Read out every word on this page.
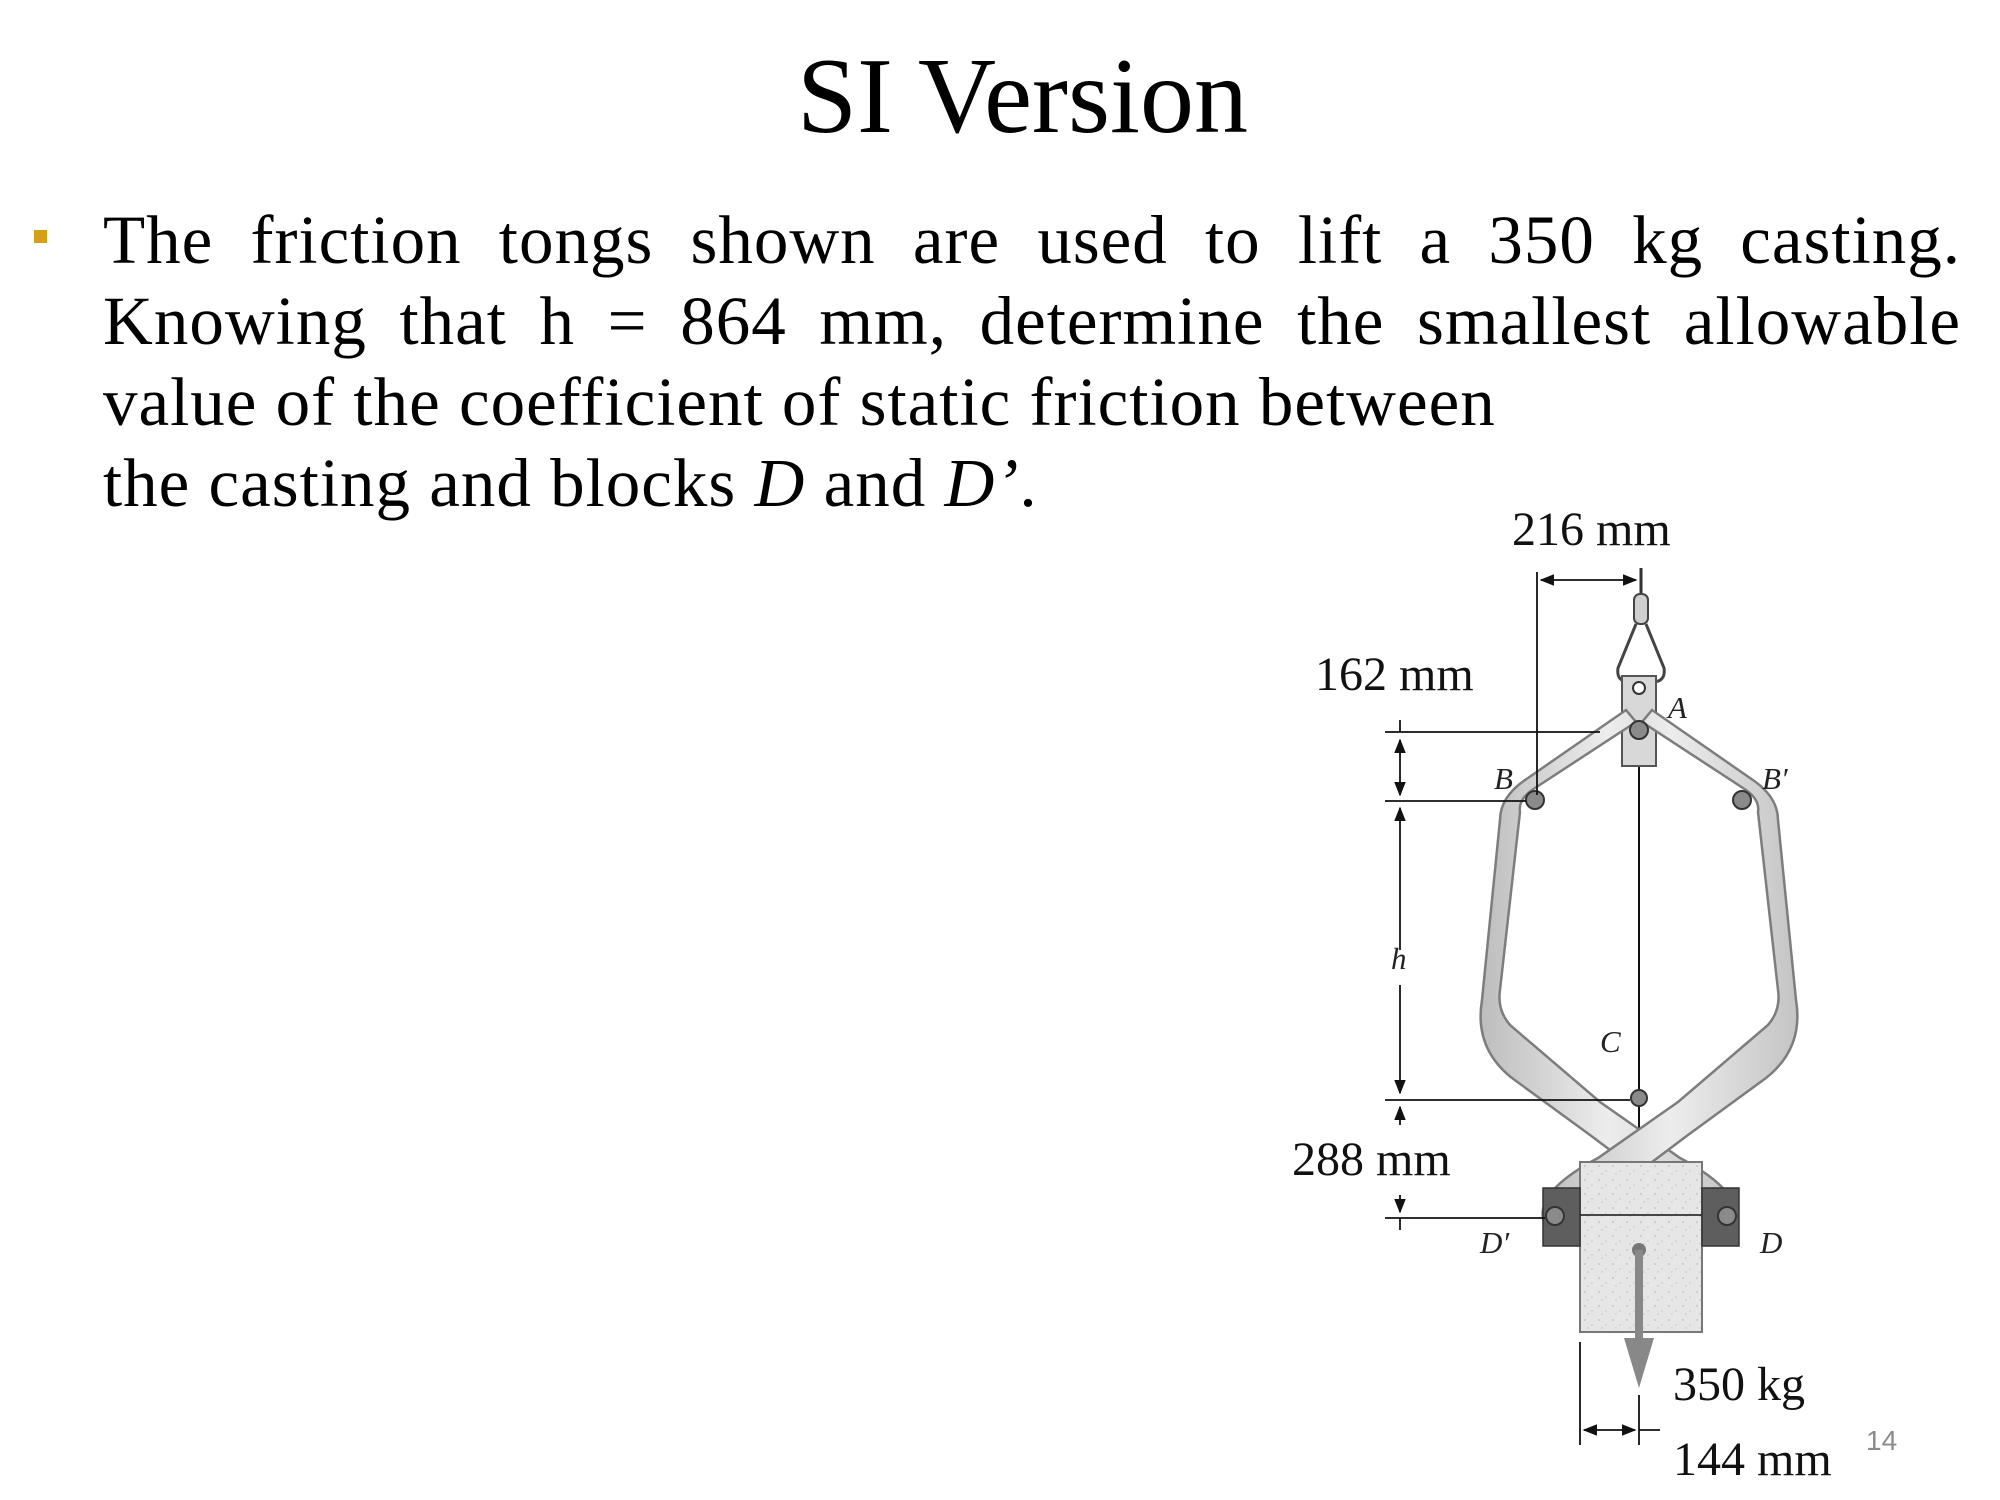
SI Version

The friction tongs shown are used to lift a 350 kg casting. Knowing that h = 864 mm, determine the smallest allowable value of the coefficient of static friction between
the casting and blocks D and D’.

216 mm
162 mm
288 mm
350 kg
144 mm
h
A
B	B′
C
D
D′
14
